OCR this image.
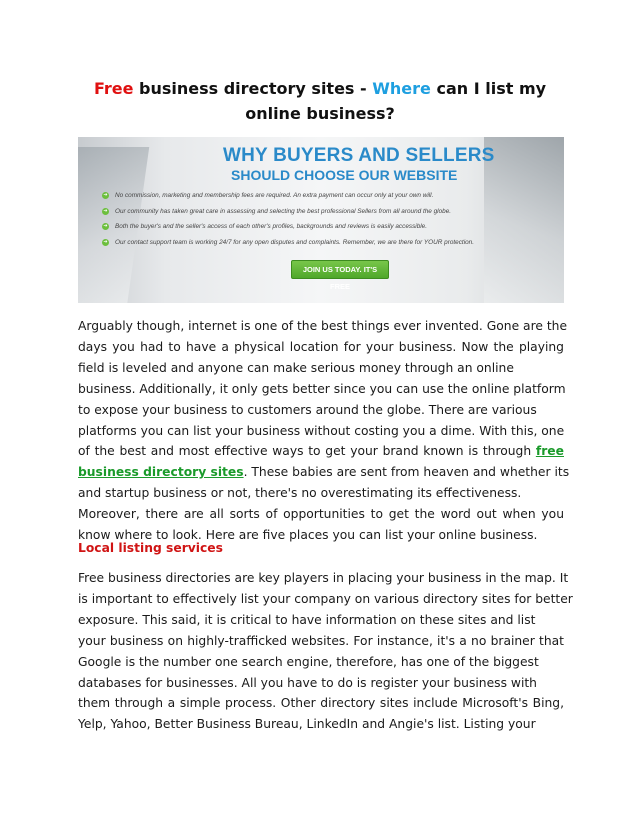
Free business directory sites - Where can I list my online business?
WHY BUYERS AND SELLERS
SHOULD CHOOSE OUR WEBSITE
➜ No commission, marketing and membership fees are required. An extra payment can occur only at your own will.
➜ Our community has taken great care in assessing and selecting the best professional Sellers from all around the globe.
➜ Both the buyer's and the seller's access of each other's profiles, backgrounds and reviews is easily accessible.
➜ Our contact support team is working 24/7 for any open disputes and complaints. Remember, we are there for YOUR protection.
JOIN US TODAY. IT'S FREE
Arguably though, internet is one of the best things ever invented. Gone are the
days you had to have a physical location for your business. Now the playing
field is leveled and anyone can make serious money through an online
business. Additionally, it only gets better since you can use the online platform
to expose your business to customers around the globe. There are various
platforms you can list your business without costing you a dime. With this, one
of the best and most effective ways to get your brand known is through free
business directory sites. These babies are sent from heaven and whether its
and startup business or not, there's no overestimating its effectiveness.
Moreover, there are all sorts of opportunities to get the word out when you
know where to look. Here are five places you can list your online business.
Local listing services
Free business directories are key players in placing your business in the map. It
is important to effectively list your company on various directory sites for better
exposure. This said, it is critical to have information on these sites and list
your business on highly-trafficked websites. For instance, it's a no brainer that
Google is the number one search engine, therefore, has one of the biggest
databases for businesses. All you have to do is register your business with
them through a simple process. Other directory sites include Microsoft's Bing,
Yelp, Yahoo, Better Business Bureau, LinkedIn and Angie's list. Listing your
